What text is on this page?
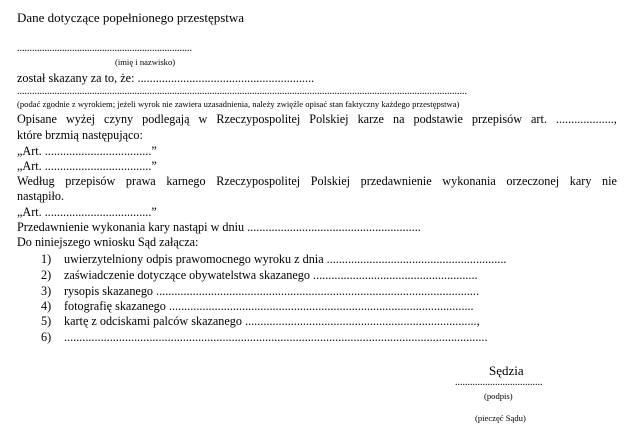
Dane dotyczące popełnionego przestępstwa
......................................................................
(imię i nazwisko)
został skazany za to, że: ..........................................................
....................................................................................................................................................................................
(podać zgodnie z wyrokiem; jeżeli wyrok nie zawiera uzasadnienia, należy zwięźle opisać stan faktyczny każdego przestępstwa)
Opisane wyżej czyny podlegają w Rzeczypospolitej Polskiej karze na podstawie przepisów art. ...................,
które brzmią następująco:
„Art. ...................................”
„Art. ...................................”
Według przepisów prawa karnego Rzeczypospolitej Polskiej przedawnienie wykonania orzeczonej kary nie
nastąpiło.
„Art. ...................................”
Przedawnienie wykonania kary nastąpi w dniu .........................................................
Do niniejszego wniosku Sąd załącza:
1) uwierzytelniony odpis prawomocnego wyroku z dnia ...........................................................
2) zaświadczenie dotyczące obywatelstwa skazanego ......................................................
3) rysopis skazanego ..........................................................................................................
4) fotografię skazanego ....................................................................................................
5) kartę z odciskami palców skazanego ............................................................................,
6) ...........................................................................................................................................
Sędzia
...................................
(podpis)
(pieczęć Sądu)
